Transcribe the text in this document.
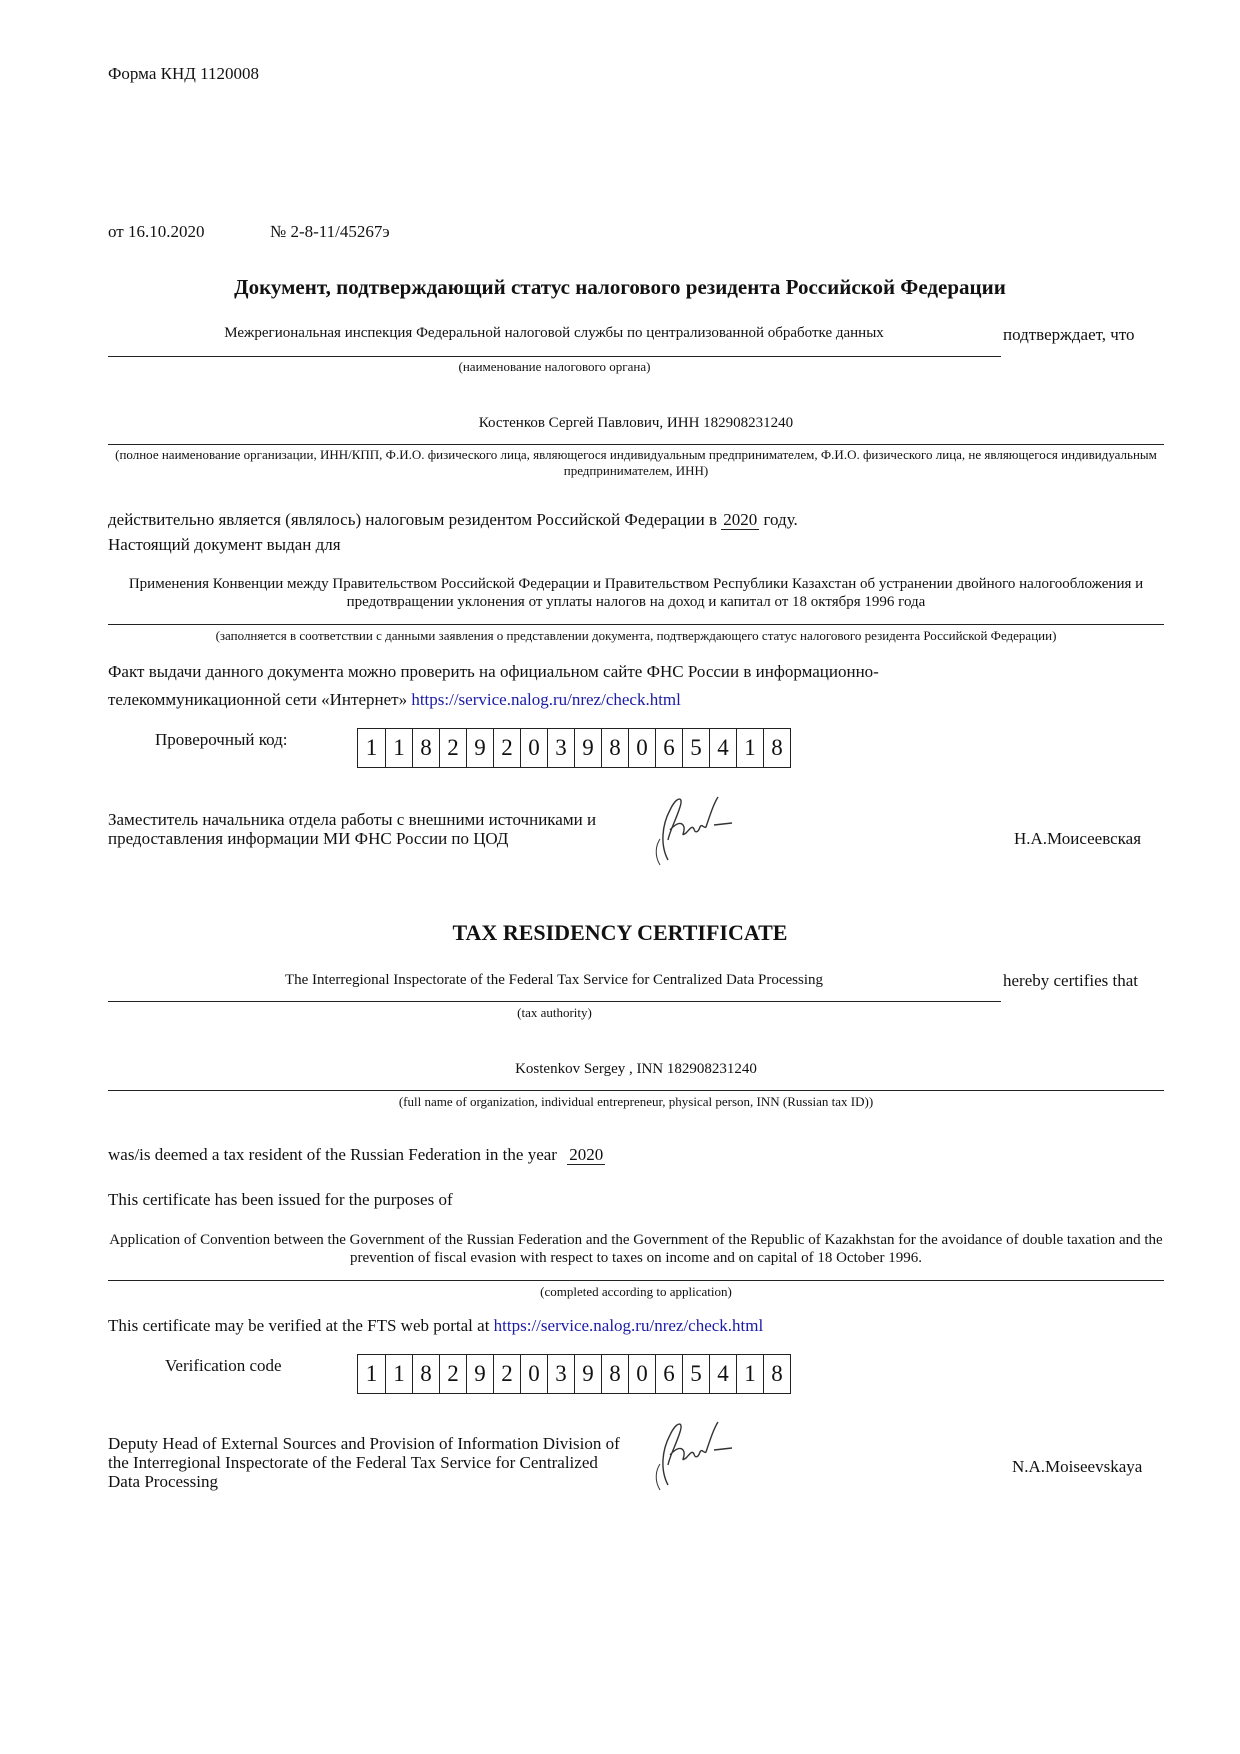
Форма КНД 1120008
от 16.10.2020	№ 2-8-11/45267э
Документ, подтверждающий статус налогового резидента Российской Федерации
Межрегиональная инспекция Федеральной налоговой службы по централизованной обработке данных	подтверждает, что
(наименование налогового органа)
Костенков Сергей Павлович, ИНН 182908231240
(полное наименование организации, ИНН/КПП, Ф.И.О. физического лица, являющегося индивидуальным предпринимателем, Ф.И.О. физического лица, не являющегося индивидуальным предпринимателем, ИНН)
действительно является (являлось) налоговым резидентом Российской Федерации в 2020 году.
Настоящий документ выдан для
Применения Конвенции между Правительством Российской Федерации и Правительством Республики Казахстан об устранении двойного налогообложения и предотвращении уклонения от уплаты налогов на доход и капитал от 18 октября 1996 года
(заполняется в соответствии с данными заявления о представлении документа, подтверждающего статус налогового резидента Российской Федерации)
Факт выдачи данного документа можно проверить на официальном сайте ФНС России в информационно-
телекоммуникационной сети «Интернет» https://service.nalog.ru/nrez/check.html
Проверочный код:	1 1 8 2 9 2 0 3 9 8 0 6 5 4 1 8
Заместитель начальника отдела работы с внешними источниками и предоставления информации МИ ФНС России по ЦОД	Н.А.Моисеевская
TAX RESIDENCY CERTIFICATE
The Interregional Inspectorate of the Federal Tax Service for Centralized Data Processing	hereby certifies that
(tax authority)
Kostenkov Sergey , INN 182908231240
(full name of organization, individual entrepreneur, physical person, INN (Russian tax ID))
was/is deemed a tax resident of the Russian Federation in the year 2020
This certificate has been issued for the purposes of
Application of Convention between the Government of the Russian Federation and the Government of the Republic of Kazakhstan for the avoidance of double taxation and the prevention of fiscal evasion with respect to taxes on income and on capital of 18 October 1996.
(completed according to application)
This certificate may be verified at the FTS web portal at https://service.nalog.ru/nrez/check.html
Verification code	1 1 8 2 9 2 0 3 9 8 0 6 5 4 1 8
Deputy Head of External Sources and Provision of Information Division of the Interregional Inspectorate of the Federal Tax Service for Centralized Data Processing
N.A.Moiseevskaya
